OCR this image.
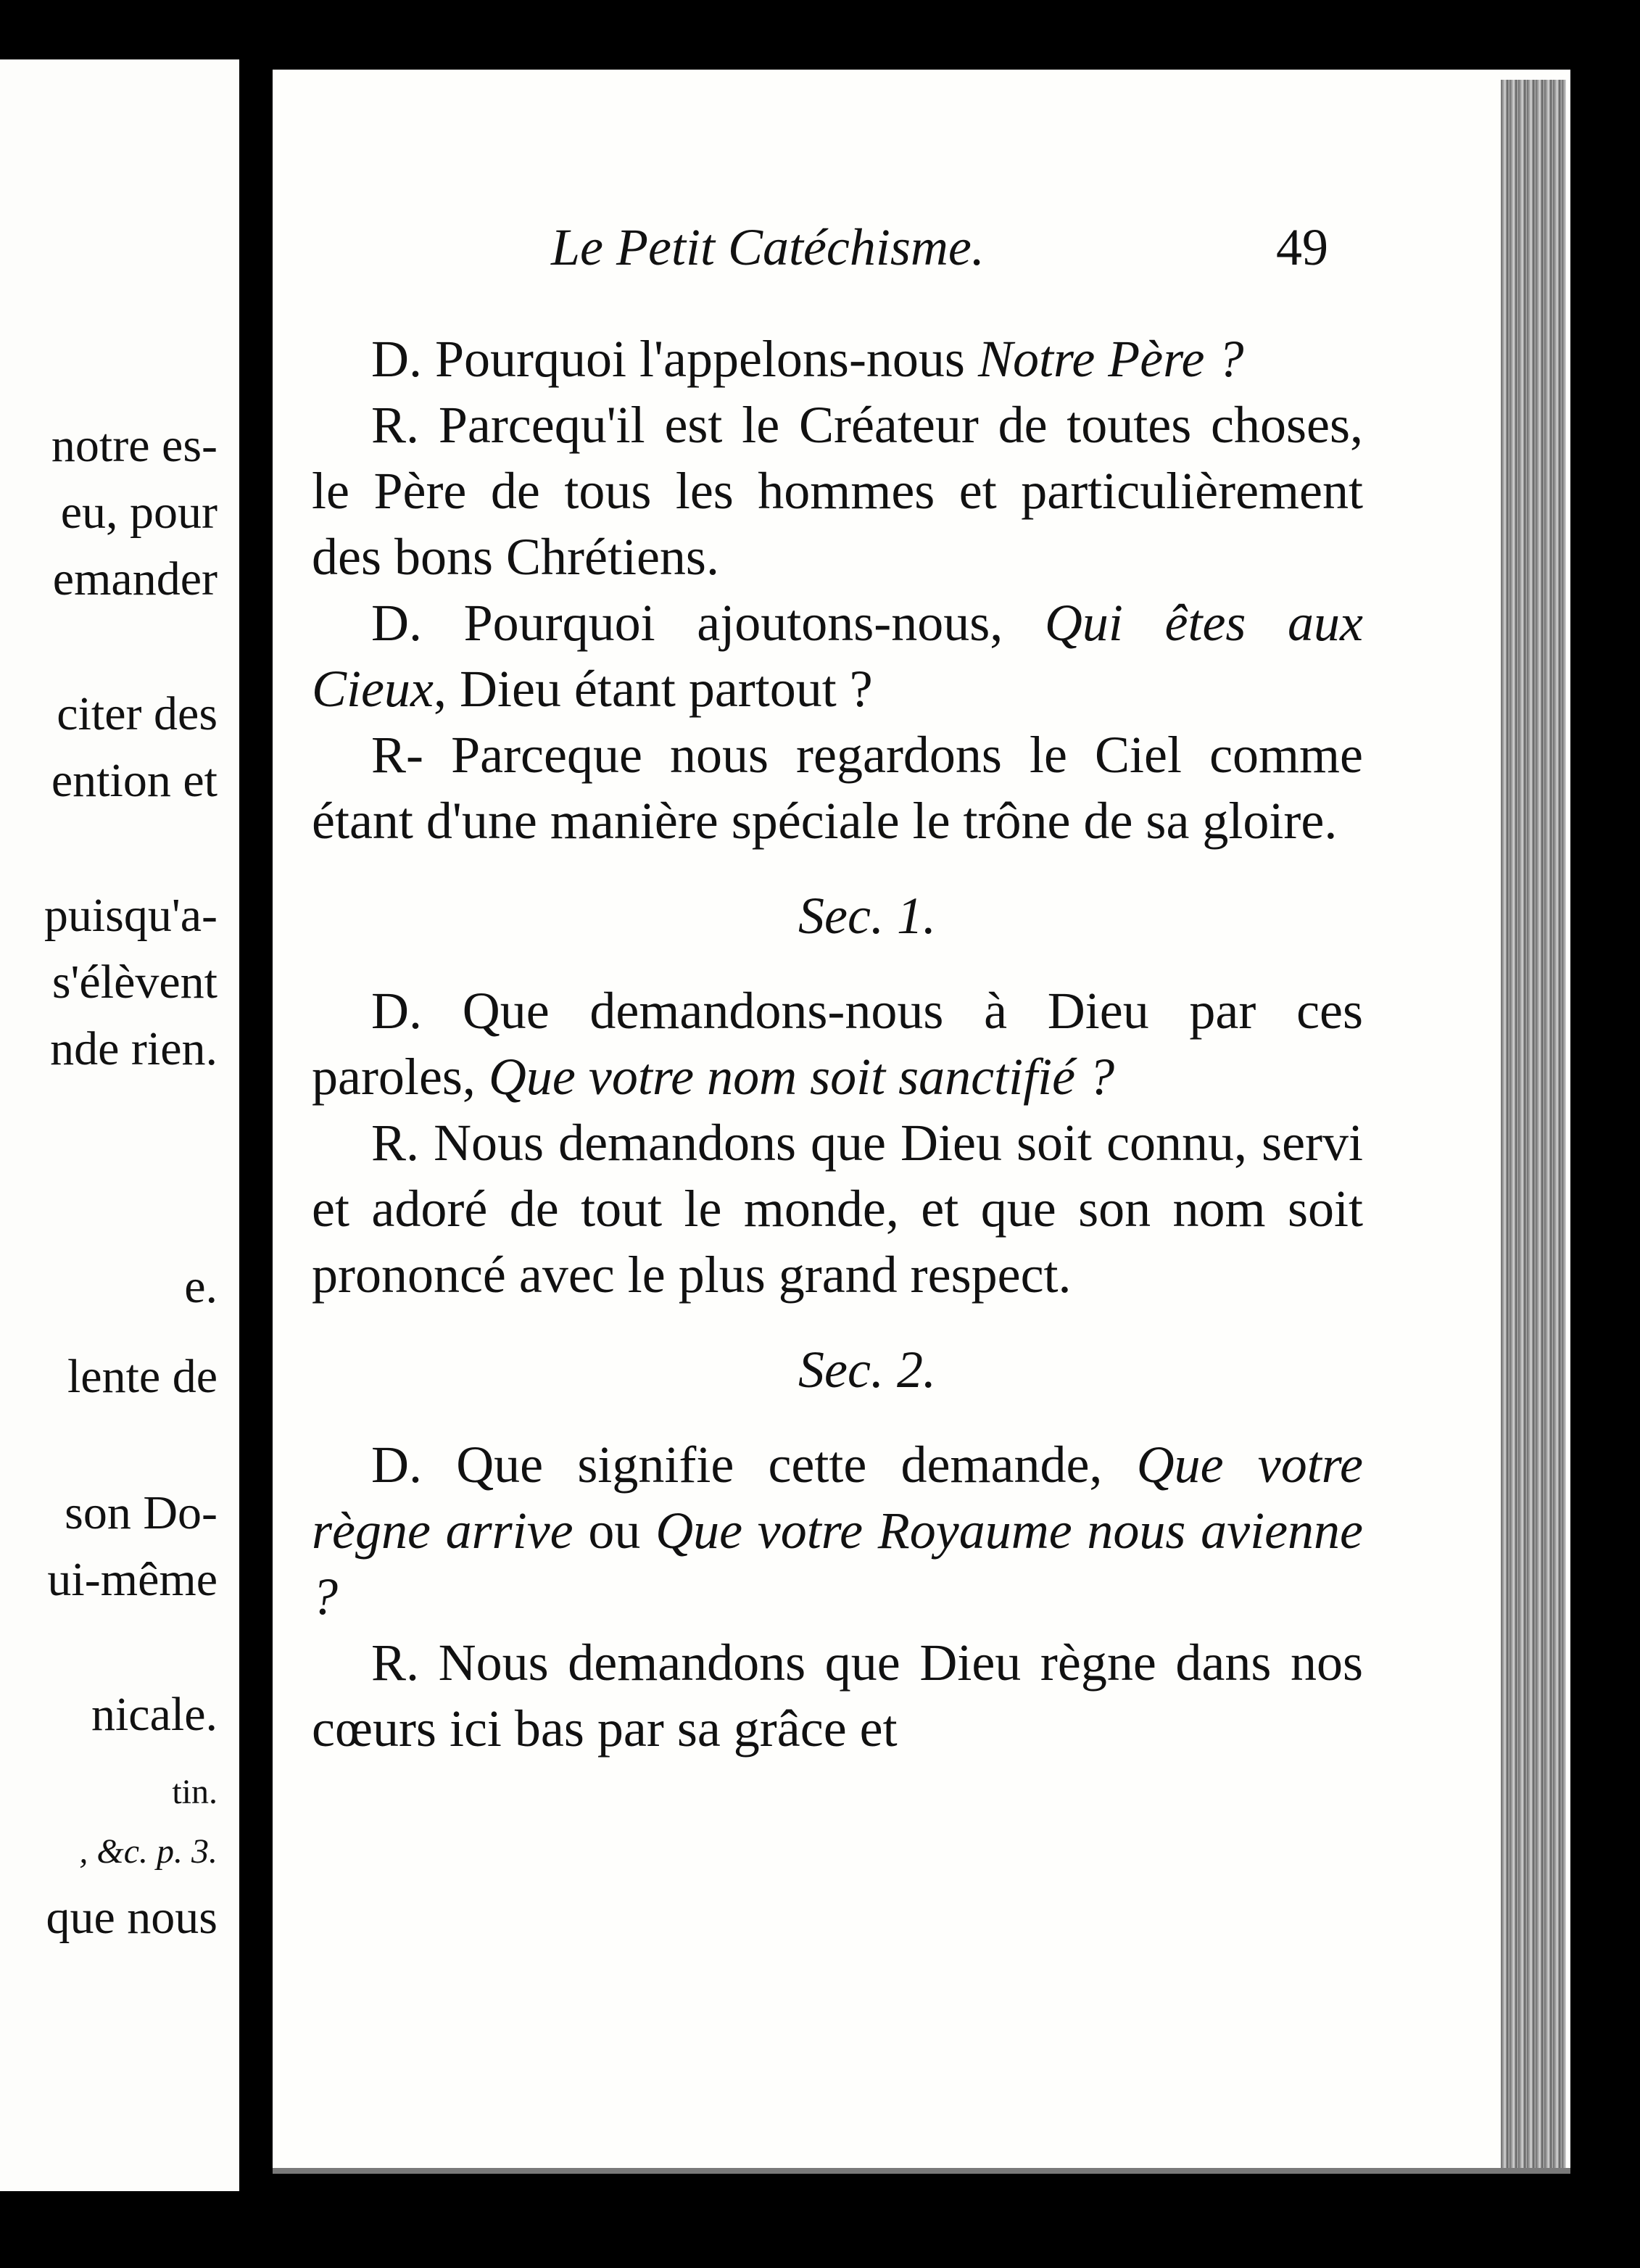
notre es-
eu, pour
emander
citer des
ention et
puisqu'a-
s'élèvent
nde rien.
e.
lente de
son Do-
ui-même
nicale.
tin.
, &c. p. 3.
que nous
Le Petit Catéchisme.	49

D. Pourquoi l'appelons-nous Notre Père ?

R. Parcequ'il est le Créateur de toutes choses, le Père de tous les hommes et particulièrement des bons Chrétiens.

D. Pourquoi ajoutons-nous, Qui êtes aux Cieux, Dieu étant partout ?

R- Parceque nous regardons le Ciel comme étant d'une manière spéciale le trône de sa gloire.

Sec. 1.

D. Que demandons-nous à Dieu par ces paroles, Que votre nom soit sanctifié ?

R. Nous demandons que Dieu soit connu, servi et adoré de tout le monde, et que son nom soit prononcé avec le plus grand respect.

Sec. 2.

D. Que signifie cette demande, Que votre règne arrive ou Que votre Royaume nous avienne ?

R. Nous demandons que Dieu règne dans nos cœurs ici bas par sa grâce et
